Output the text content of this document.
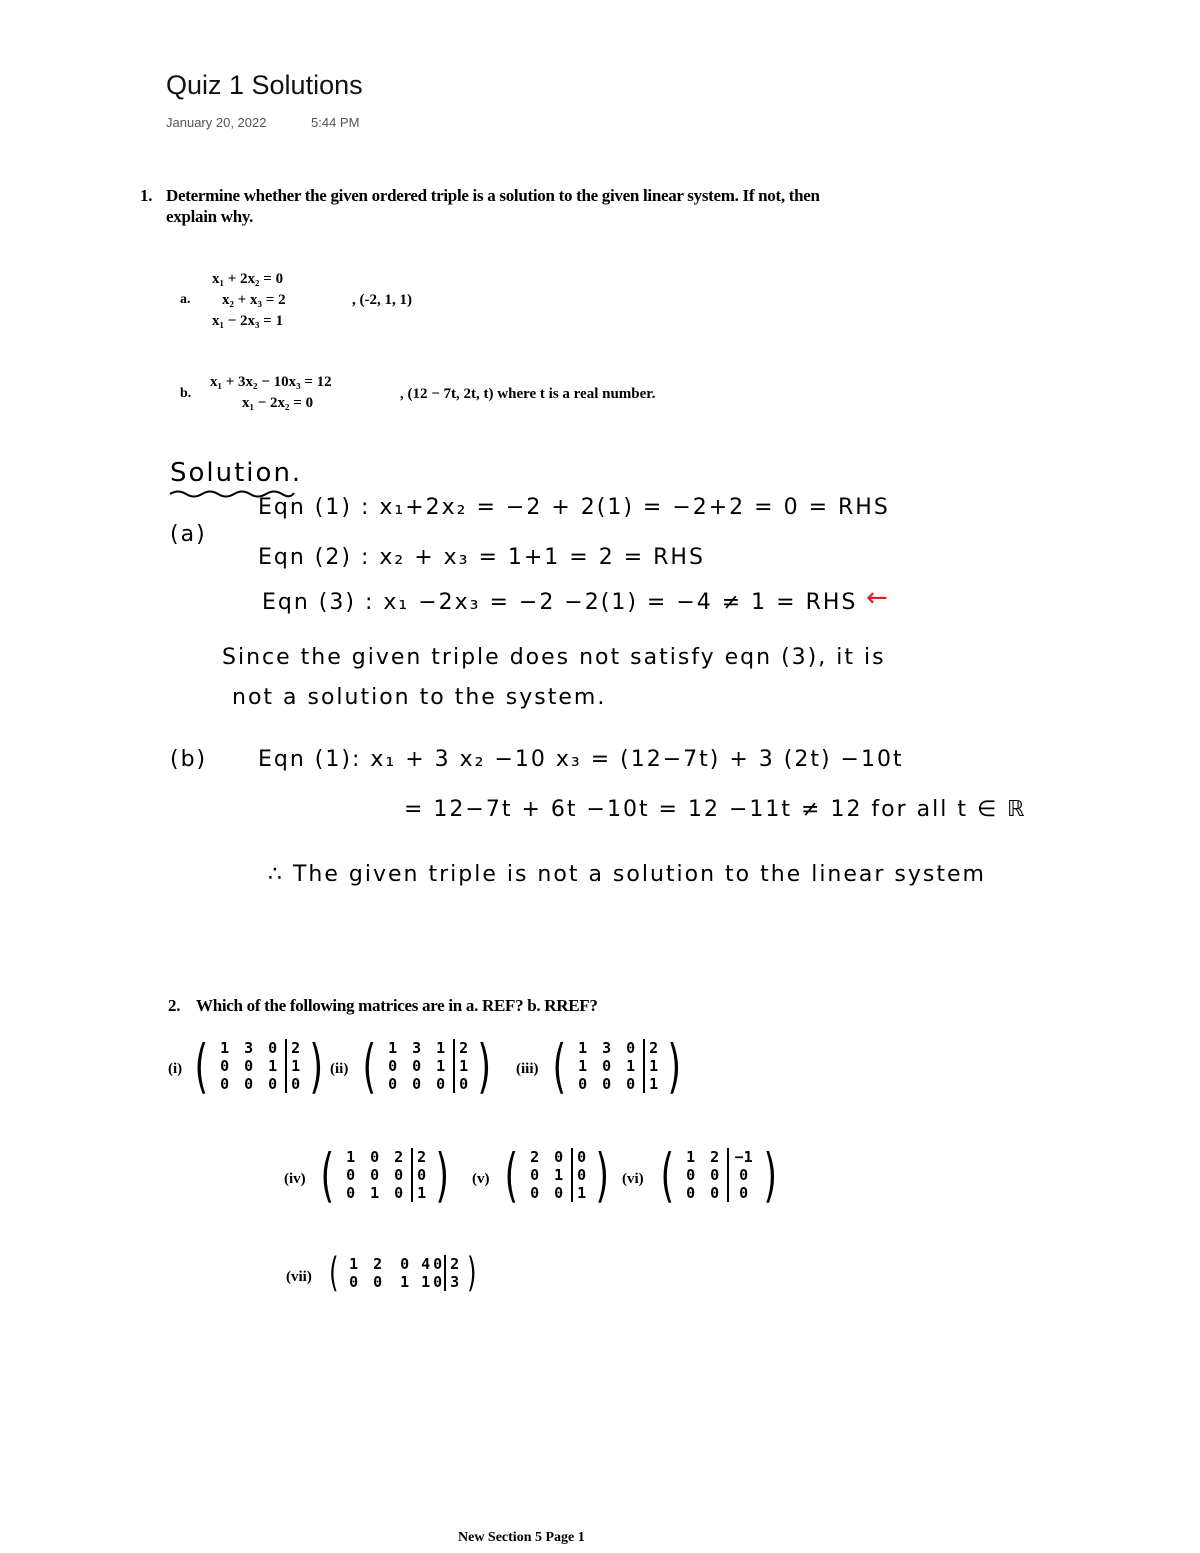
Quiz 1 Solutions
January 20, 2022	5:44 PM
1. Determine whether the given ordered triple is a solution to the given linear system. If not, then
explain why.
a.
x₁ + 2x₂ = 0
x₂ + x₃ = 2
x₁ − 2x₃ = 1
, (-2, 1, 1)
b.
x₁ + 3x₂ − 10x₃ = 12
x₁ − 2x₂ = 0
, (12 − 7t, 2t, t) where t is a real number.
Solution.
(a)
Eqn (1) : x₁+2x₂ = −2 + 2(1) = −2+2 = 0 = RHS
Eqn (2) : x₂ + x₃ = 1+1 = 2 = RHS
Eqn (3) : x₁ −2x₃ = −2 −2(1) = −4 ≠ 1 = RHS ←
Since the given triple does not satisfy eqn (3), it is
not a solution to the system.
(b) Eqn (1): x₁ + 3 x₂ −10 x₃ = (12−7t) + 3 (2t) −10t
= 12−7t + 6t −10t = 12 −11t ≠ 12 for all t ∈ ℝ
∴ The given triple is not a solution to the linear system
2. Which of the following matrices are in a. REF? b. RREF?
(i) ( 1 3 0 2
0 0 1 1
0 0 0 0 ) (ii) ( 1 3 1 2
0 0 1 1
0 0 0 0 ) (iii) ( 1 3 0 2
1 0 1 1
0 0 0 1 )
(iv) ( 1 0 2 2
0 0 0 0
0 1 0 1 ) (v) ( 2 0 0
0 1 0
0 0 1 ) (vi) ( 1 2	−1
0 0	0
0 0	0 )
(vii) ( 1 2	0 4 0 2
0 0	1 1 0 3 )
New Section 5 Page 1
